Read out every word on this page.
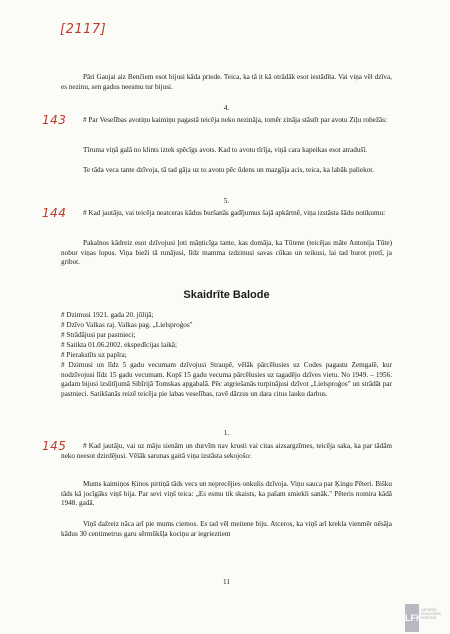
[2117]

Pāri Gaujai aiz Benčiem esot bijusi kāda priede. Teica, ka tā it kā otrādāk esot iestādīta. Vai viņa vēl dzīva, es nezinu, sen gadus neesmu tur bijusi.

4.

143	# Par Veselības avotiņu kaimiņu pagastā teicēja neko nezināja, tomēr zināja stāstīt par avotu Ziļu robežās:

Tīruma viņā galā no klints iztek spēcīgs avots. Kad to avotu tīrīja, viņā cara kapeikas esot atradušī.

Te tāda veca tante dzīvoja, tā tad gāja uz to avotu pēc ūdens un mazgāja acis, teica, ka labāk paliekot.

5.

144	# Kad jautāju, vai teicēja neatceras kādus buršanās gadījumus šajā apkārtnē, viņa izstāsta šādu notikumu:

Pakalnos kādreiz esot dzīvojusi ļoti māņticīga tante, kas domāja, ka Tūtene (teicējas māte Antonija Tūte) nobur viņas lopus. Viņa bieži tā runājusi, līdz mamma izdzinusi savas cūkas un teikusi, lai tad burot pretī, ja gribot.

Skaidrīte Balode

# Dzimusi 1921. gada 20. jūlijā;

# Dzīvo Valkas raj. Valkas pag. „Lielsproģos"

# Strādājusi par pastnieci;

# Satikta 01.06.2002. ekspedīcijas laikā;

# Pierakstīts uz papīra;

# Dzimusi un līdz 5 gadu vecumam dzīvojusi Straupē, vēlāk pārcēlusies uz Codes pagastu Zemgalē, kur nodzīvojusi līdz 15 gadu vecumam. Kopš 15 gadu vecuma pārcēlusies uz tagadējo dzīves vietu. No 1949. – 1956. gadam bijusi izsūtījumā Sibīrijā Tomskas apgabalā. Pēc atgriešanās turpinājusi dzīvot „Lielsproģos" un strādāt par pastnieci. Satikšanās reizē teicēja pie labas veselības, ravē dārzus un dara citus lauku darbus.

1.

145	# Kad jautāju, vai uz māju sienām un durvīm nav krusti vai citas aizsargzīmes, teicēja saka, ka par tādām neko neesot dzirdējusi. Vēlāk sarunas gaitā viņa izstāsta sekojošo:

Mums kaimiņos Ķinos pirtiņā tāds vecs un neprecējies onkulis dzīvoja. Viņu sauca par Ķingu Pēteri. Bišku tāds kā jocīgāks viņš bija. Par sevi viņš teica: „Es esmu tik skaists, ka pašam smiekli sanāk." Pēteris nomira kādā 1948. gadā.

Viņš dažreiz nāca arī pie mums ciemos. Es tad vēl meitene biju. Atceros, ka viņš arī krekla vienmēr nēsāja kādus 30 centimetrus garu sērmūkšļa kociņu ar iegrieztiem

11

LFK
LATVIEŠU
FOLKLORAS
KRĀTUVE
